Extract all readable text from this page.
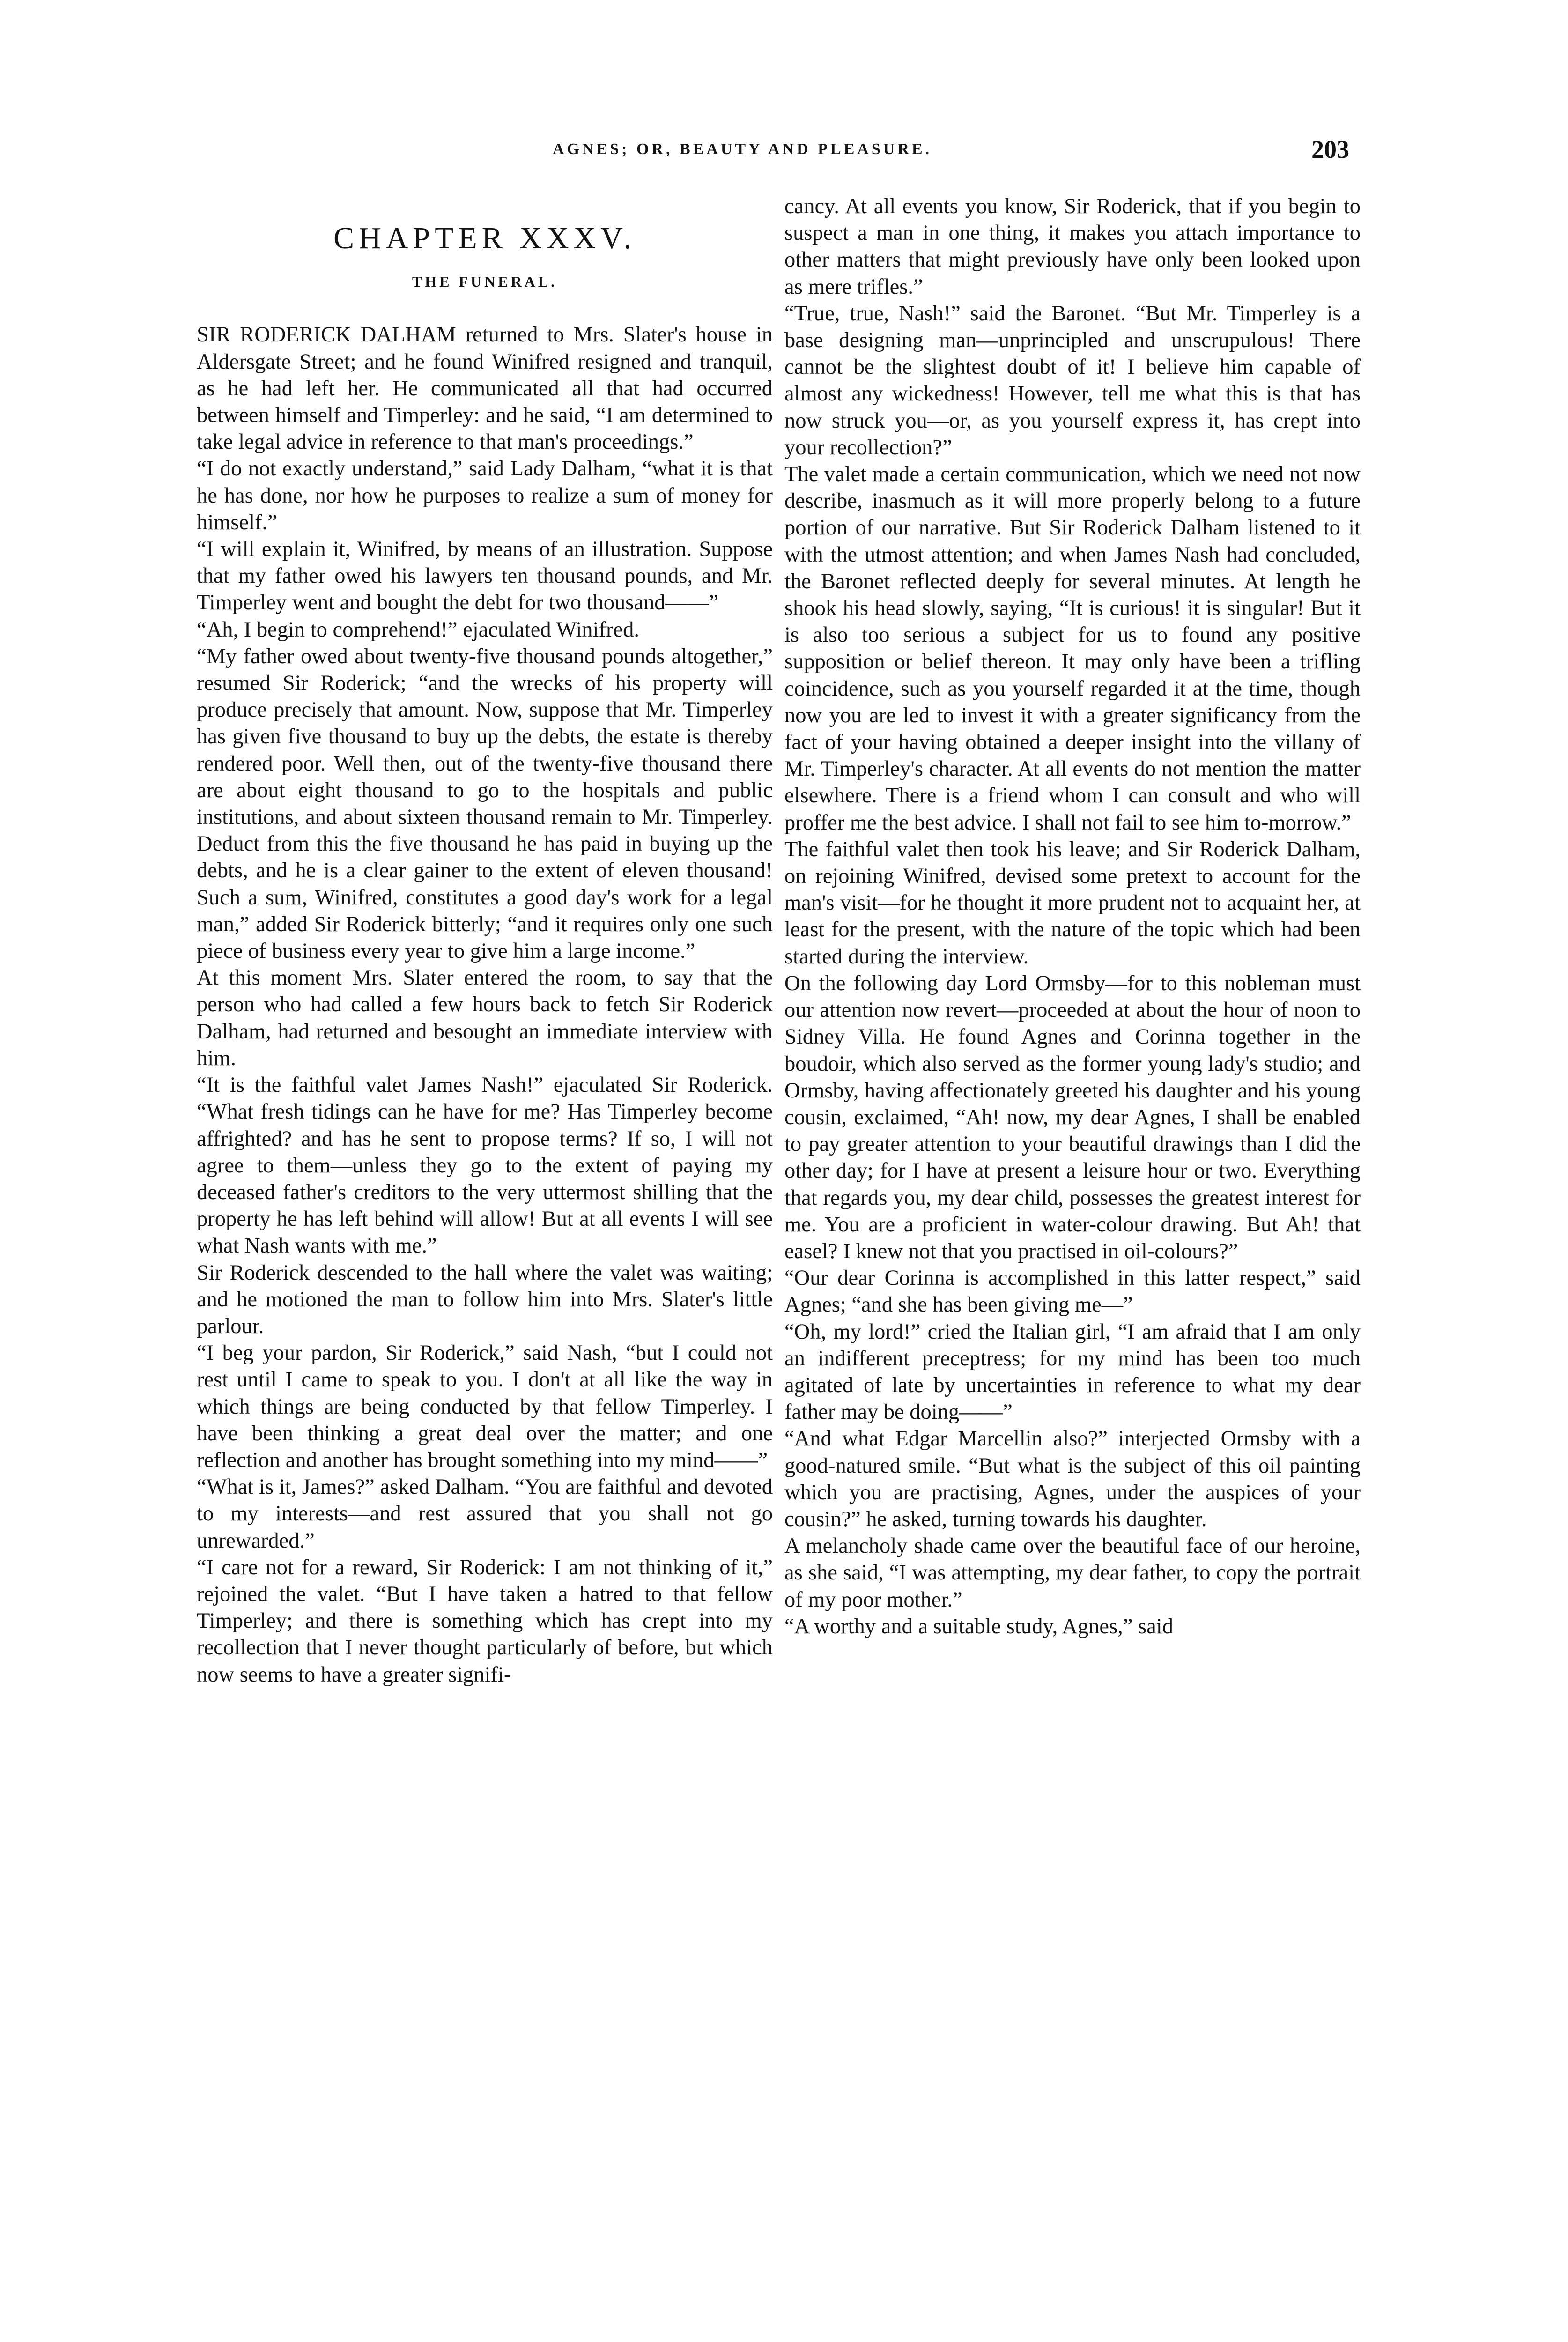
AGNES; OR, BEAUTY AND PLEASURE.	203
CHAPTER XXXV.
THE FUNERAL.

SIR RODERICK DALHAM returned to Mrs. Slater's house in Aldersgate Street; and he found Winifred resigned and tranquil, as he had left her. He communicated all that had occurred between himself and Timperley: and he said, “I am determined to take legal advice in reference to that man's proceedings.”

“I do not exactly understand,” said Lady Dalham, “what it is that he has done, nor how he purposes to realize a sum of money for himself.”

“I will explain it, Winifred, by means of an illustration. Suppose that my father owed his lawyers ten thousand pounds, and Mr. Timperley went and bought the debt for two thousand——”

“Ah, I begin to comprehend!” ejaculated Winifred.

“My father owed about twenty-five thousand pounds altogether,” resumed Sir Roderick; “and the wrecks of his property will produce precisely that amount. Now, suppose that Mr. Timperley has given five thousand to buy up the debts, the estate is thereby rendered poor. Well then, out of the twenty-five thousand there are about eight thousand to go to the hospitals and public institutions, and about sixteen thousand remain to Mr. Timperley. Deduct from this the five thousand he has paid in buying up the debts, and he is a clear gainer to the extent of eleven thousand! Such a sum, Winifred, constitutes a good day's work for a legal man,” added Sir Roderick bitterly; “and it requires only one such piece of business every year to give him a large income.”

At this moment Mrs. Slater entered the room, to say that the person who had called a few hours back to fetch Sir Roderick Dalham, had returned and besought an immediate interview with him.

“It is the faithful valet James Nash!” ejaculated Sir Roderick. “What fresh tidings can he have for me? Has Timperley become affrighted? and has he sent to propose terms? If so, I will not agree to them—unless they go to the extent of paying my deceased father's creditors to the very uttermost shilling that the property he has left behind will allow! But at all events I will see what Nash wants with me.”

Sir Roderick descended to the hall where the valet was waiting; and he motioned the man to follow him into Mrs. Slater's little parlour.

“I beg your pardon, Sir Roderick,” said Nash, “but I could not rest until I came to speak to you. I don't at all like the way in which things are being conducted by that fellow Timperley. I have been thinking a great deal over the matter; and one reflection and another has brought something into my mind——”

“What is it, James?” asked Dalham. “You are faithful and devoted to my interests—and rest assured that you shall not go unrewarded.”

“I care not for a reward, Sir Roderick: I am not thinking of it,” rejoined the valet. “But I have taken a hatred to that fellow Timperley; and there is something which has crept into my recollection that I never thought particularly of before, but which now seems to have a greater signifi-

cancy. At all events you know, Sir Roderick, that if you begin to suspect a man in one thing, it makes you attach importance to other matters that might previously have only been looked upon as mere trifles.”

“True, true, Nash!” said the Baronet. “But Mr. Timperley is a base designing man—unprincipled and unscrupulous! There cannot be the slightest doubt of it! I believe him capable of almost any wickedness! However, tell me what this is that has now struck you—or, as you yourself express it, has crept into your recollection?”

The valet made a certain communication, which we need not now describe, inasmuch as it will more properly belong to a future portion of our narrative. But Sir Roderick Dalham listened to it with the utmost attention; and when James Nash had concluded, the Baronet reflected deeply for several minutes. At length he shook his head slowly, saying, “It is curious! it is singular! But it is also too serious a subject for us to found any positive supposition or belief thereon. It may only have been a trifling coincidence, such as you yourself regarded it at the time, though now you are led to invest it with a greater significancy from the fact of your having obtained a deeper insight into the villany of Mr. Timperley's character. At all events do not mention the matter elsewhere. There is a friend whom I can consult and who will proffer me the best advice. I shall not fail to see him to-morrow.”

The faithful valet then took his leave; and Sir Roderick Dalham, on rejoining Winifred, devised some pretext to account for the man's visit—for he thought it more prudent not to acquaint her, at least for the present, with the nature of the topic which had been started during the interview.

On the following day Lord Ormsby—for to this nobleman must our attention now revert—proceeded at about the hour of noon to Sidney Villa. He found Agnes and Corinna together in the boudoir, which also served as the former young lady's studio; and Ormsby, having affectionately greeted his daughter and his young cousin, exclaimed, “Ah! now, my dear Agnes, I shall be enabled to pay greater attention to your beautiful drawings than I did the other day; for I have at present a leisure hour or two. Everything that regards you, my dear child, possesses the greatest interest for me. You are a proficient in water-colour drawing. But Ah! that easel? I knew not that you practised in oil-colours?”

“Our dear Corinna is accomplished in this latter respect,” said Agnes; “and she has been giving me—”

“Oh, my lord!” cried the Italian girl, “I am afraid that I am only an indifferent preceptress; for my mind has been too much agitated of late by uncertainties in reference to what my dear father may be doing——”

“And what Edgar Marcellin also?” interjected Ormsby with a good-natured smile. “But what is the subject of this oil painting which you are practising, Agnes, under the auspices of your cousin?” he asked, turning towards his daughter.

A melancholy shade came over the beautiful face of our heroine, as she said, “I was attempting, my dear father, to copy the portrait of my poor mother.”

“A worthy and a suitable study, Agnes,” said
